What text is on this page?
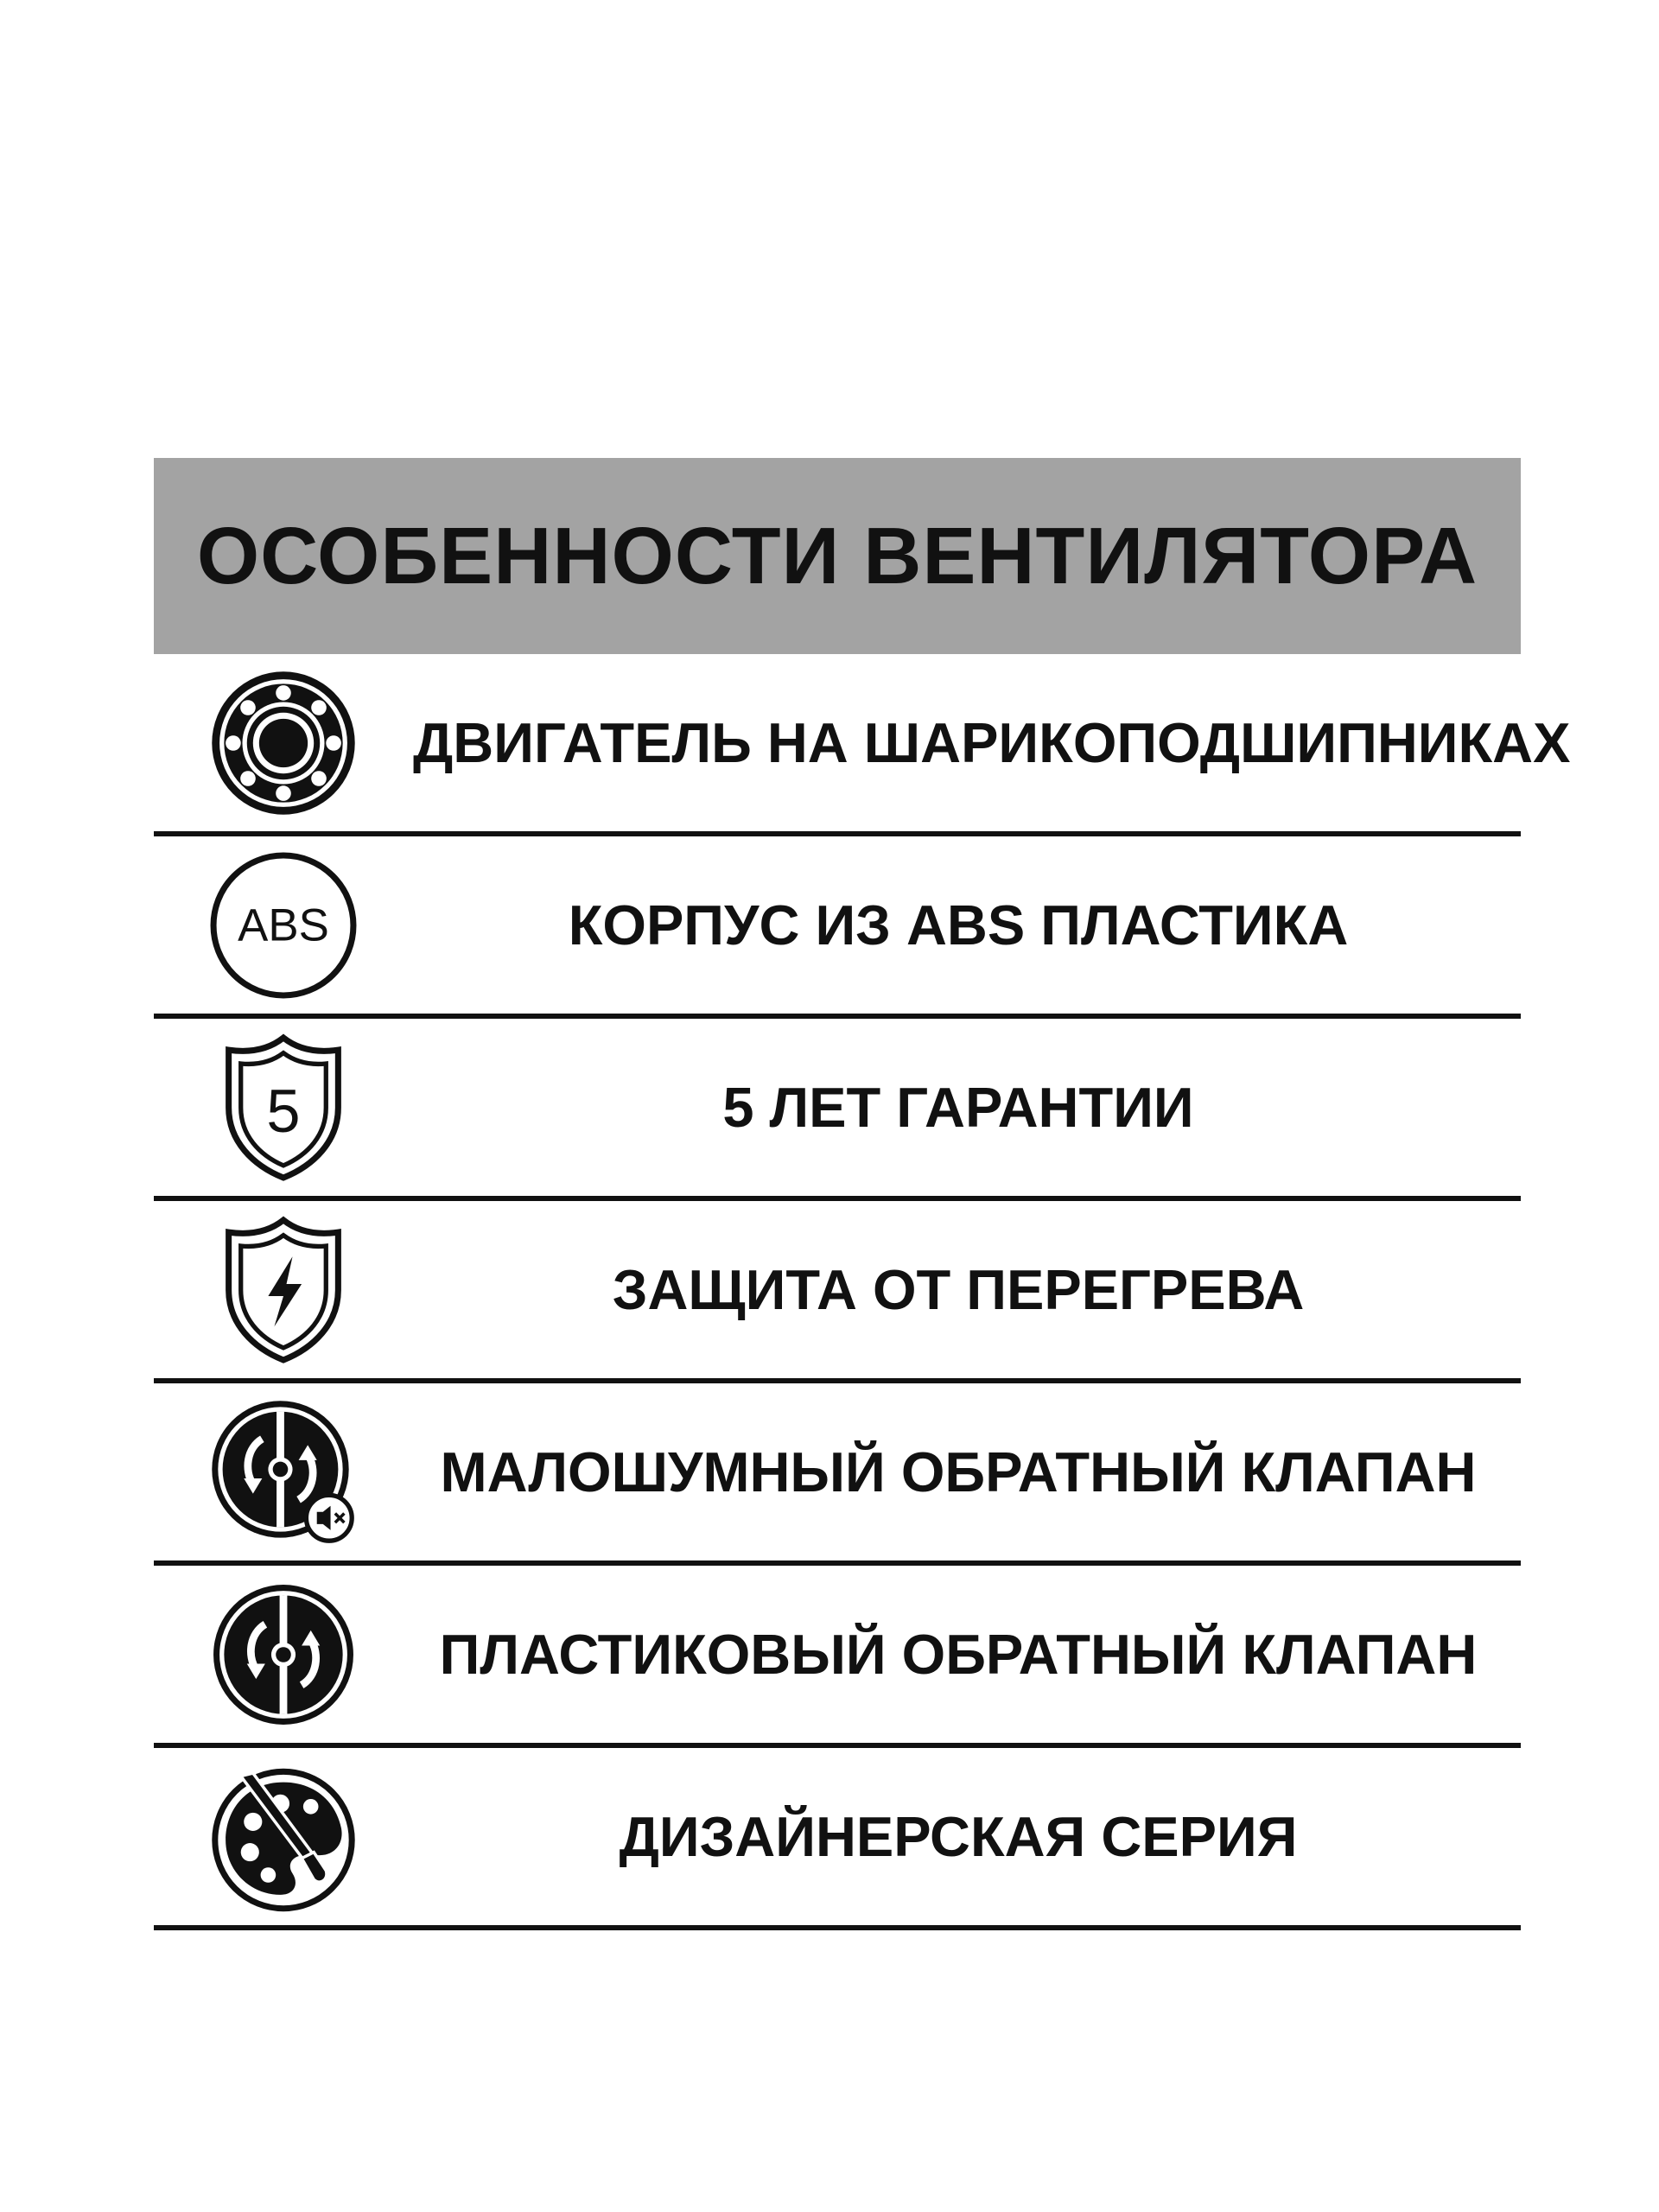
ОСОБЕННОСТИ ВЕНТИЛЯТОРА
ДВИГАТЕЛЬ НА ШАРИКОПОДШИПНИКАХ
ABS	КОРПУС ИЗ ABS ПЛАСТИКА
5	5 ЛЕТ ГАРАНТИИ
ЗАЩИТА ОТ ПЕРЕГРЕВА
МАЛОШУМНЫЙ ОБРАТНЫЙ КЛАПАН
ПЛАСТИКОВЫЙ ОБРАТНЫЙ КЛАПАН
ДИЗАЙНЕРСКАЯ СЕРИЯ
